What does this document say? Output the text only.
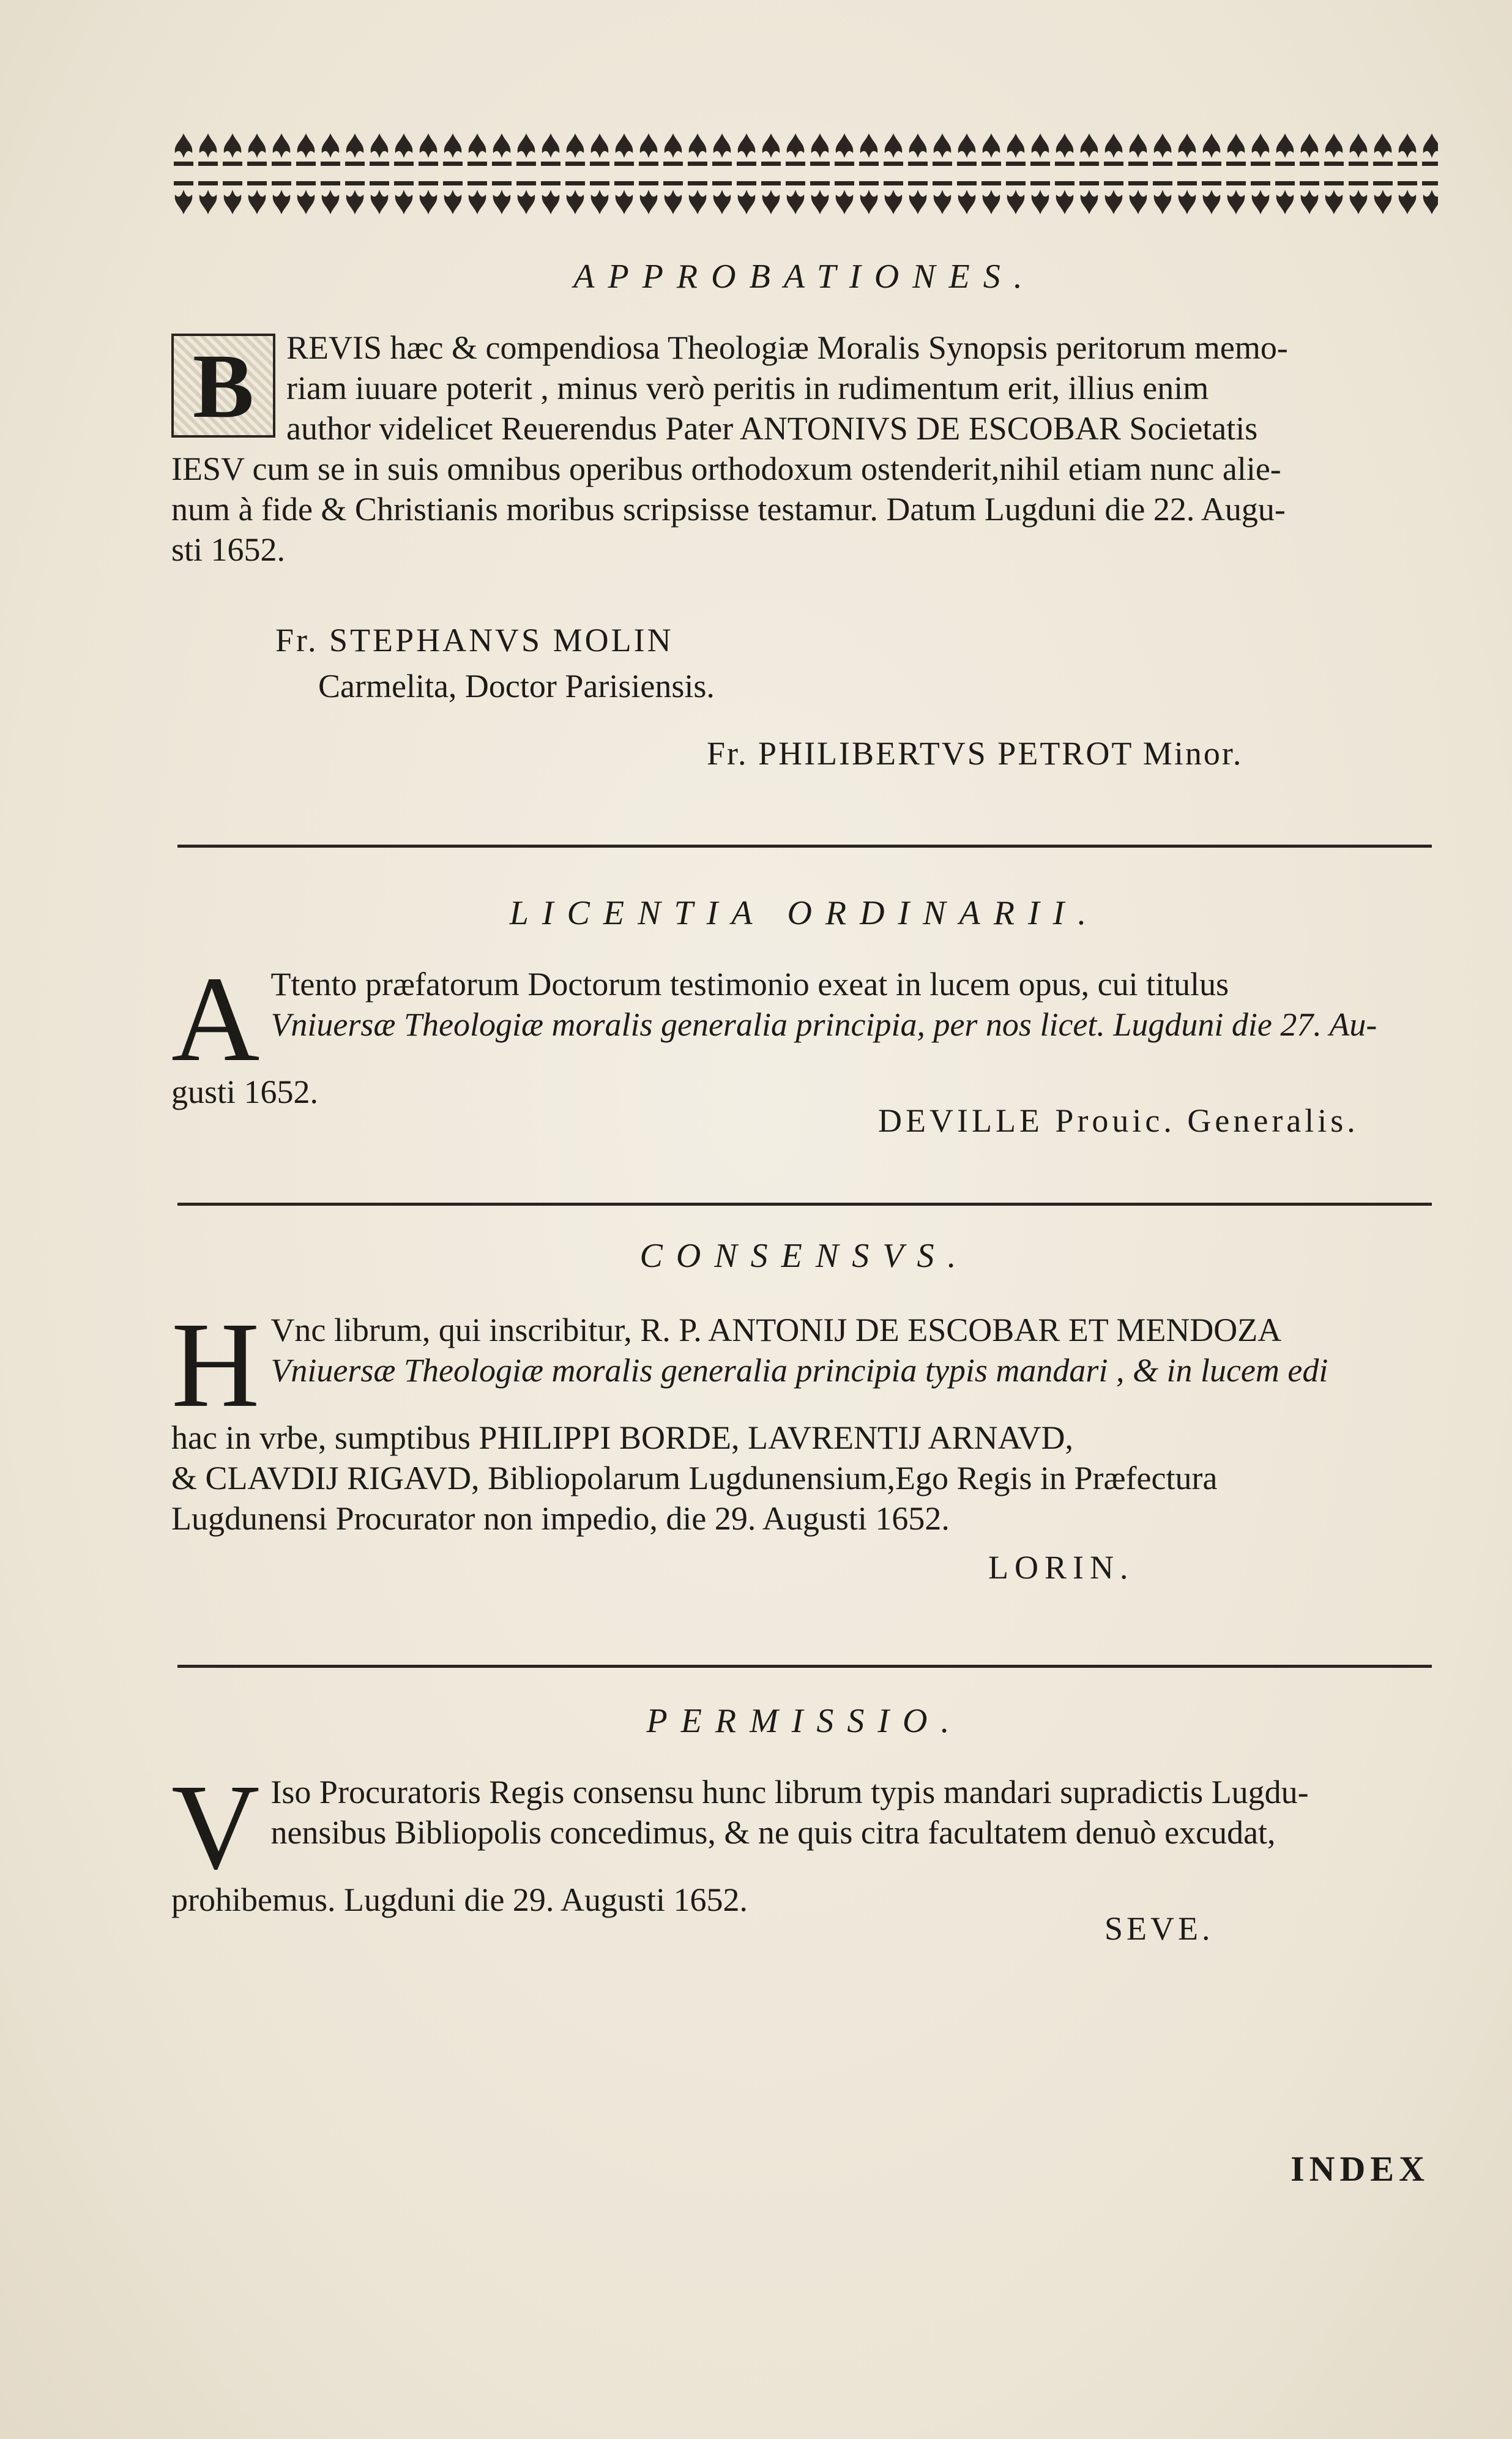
APPROBATIONES.
B REVIS hæc & compendiosa Theologiæ Moralis Synopsis peritorum memo-
riam iuuare poterit , minus verò peritis in rudimentum erit, illius enim
author videlicet Reuerendus Pater ANTONIVS DE ESCOBAR Societatis
IESV cum se in suis omnibus operibus orthodoxum ostenderit,nihil etiam nunc alie-
num à fide & Christianis moribus scripsisse testamur. Datum Lugduni die 22. Augu-
sti 1652.
Fr. STEPHANVS MOLIN
Carmelita, Doctor Parisiensis.
Fr. PHILIBERTVS PETROT Minor.
LICENTIA ORDINARII.
A Ttento præfatorum Doctorum testimonio exeat in lucem opus, cui titulus
Vniuersæ Theologiæ moralis generalia principia, per nos licet. Lugduni die 27. Au-
gusti 1652.
DEVILLE Prouic. Generalis.
CONSENSVS.
H Vnc librum, qui inscribitur, R. P. ANTONIJ DE ESCOBAR ET MENDOZA
Vniuersæ Theologiæ moralis generalia principia typis mandari , & in lucem edi
hac in vrbe, sumptibus PHILIPPI BORDE, LAVRENTIJ ARNAVD,
& CLAVDIJ RIGAVD, Bibliopolarum Lugdunensium,Ego Regis in Præfectura
Lugdunensi Procurator non impedio, die 29. Augusti 1652.
LORIN.
PERMISSIO.
V Iso Procuratoris Regis consensu hunc librum typis mandari supradictis Lugdu-
nensibus Bibliopolis concedimus, & ne quis citra facultatem denuò excudat,
prohibemus. Lugduni die 29. Augusti 1652.
SEVE.
INDEX
